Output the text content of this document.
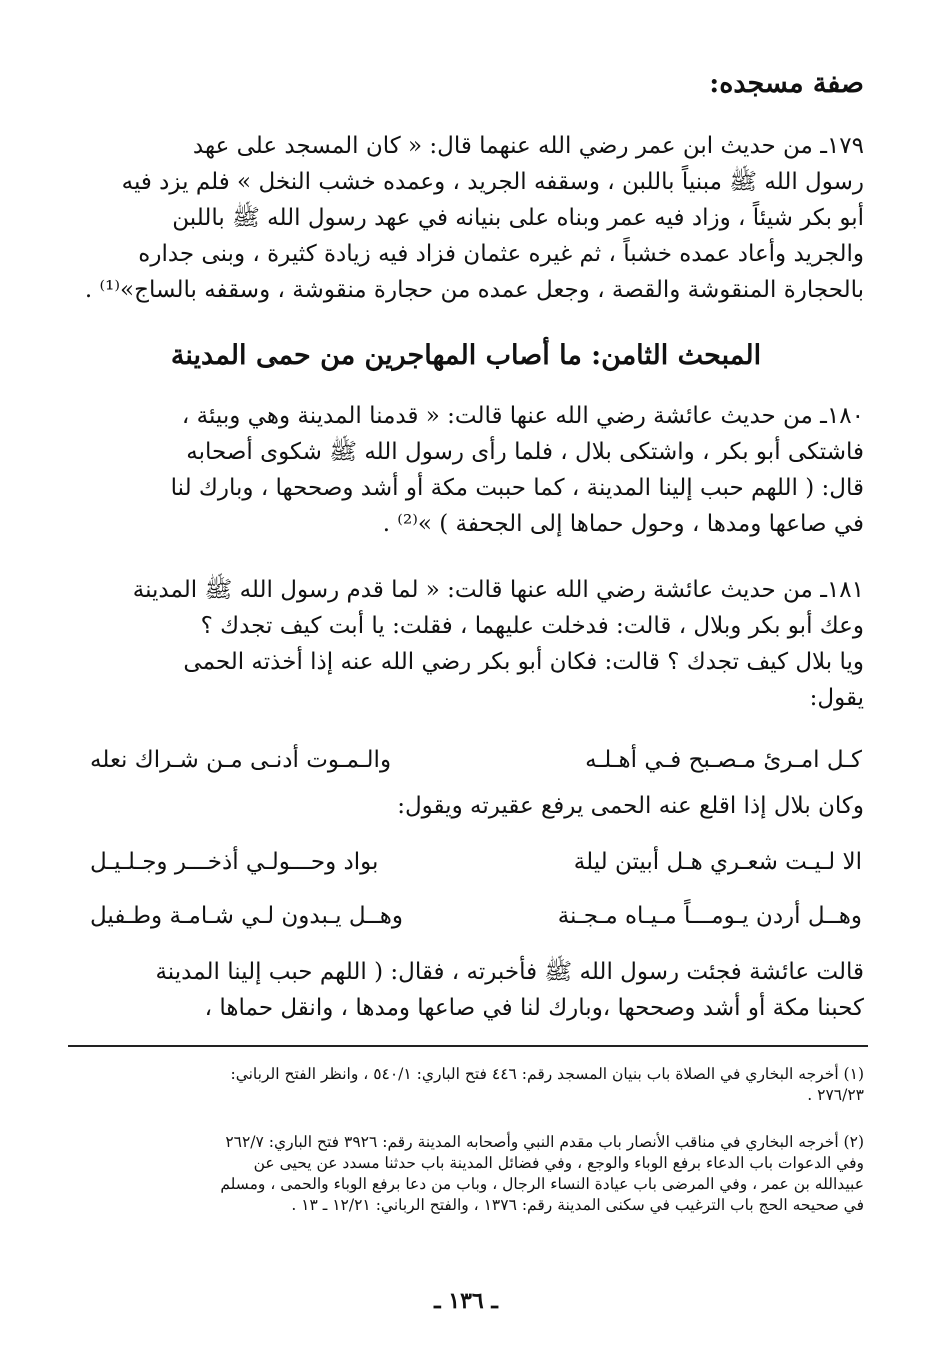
صفة مسجده:

١٧٩ـ من حديث ابن عمر رضي الله عنهما قال: « كان المسجد على عهد

رسول الله ﷺ مبنياً باللبن ، وسقفه الجريد ، وعمده خشب النخل » فلم يزد فيه

أبو بكر شيئاً ، وزاد فيه عمر وبناه على بنيانه في عهد رسول الله ﷺ باللبن

والجريد وأعاد عمده خشباً ، ثم غيره عثمان فزاد فيه زيادة كثيرة ، وبنى جداره

بالحجارة المنقوشة والقصة ، وجعل عمده من حجارة منقوشة ، وسقفه بالساج»⁽¹⁾ .

المبحث الثامن: ما أصاب المهاجرين من حمى المدينة

١٨٠ـ من حديث عائشة رضي الله عنها قالت: « قدمنا المدينة وهي وبيئة ،

فاشتكى أبو بكر ، واشتكى بلال ، فلما رأى رسول الله ﷺ شكوى أصحابه

قال: ( اللهم حبب إلينا المدينة ، كما حببت مكة أو أشد وصححها ، وبارك لنا

في صاعها ومدها ، وحول حماها إلى الجحفة ) »⁽²⁾ .

١٨١ـ من حديث عائشة رضي الله عنها قالت: « لما قدم رسول الله ﷺ المدينة

وعك أبو بكر وبلال ، قالت: فدخلت عليهما ، فقلت: يا أبت كيف تجدك ؟

ويا بلال كيف تجدك ؟ قالت: فكان أبو بكر رضي الله عنه إذا أخذته الحمى

يقول:

كـل امـرئ مـصـبح فـي أهـلـه
والـمـوت أدنـى مـن شـراك نعله
وكان بلال إذا اقلع عنه الحمى يرفع عقيرته ويقول:
الا لـيـت شعـري هـل أبيتن ليلة
بواد وحـــولـي أذخـــر وجـلـيـل
وهــل أردن يـومـــاً مـيـاه مـجـنة
وهــل يـبدون لـي شـامـة وطـفيل

قالت عائشة فجئت رسول الله ﷺ فأخبرته ، فقال: ( اللهم حبب إلينا المدينة

كحبنا مكة أو أشد وصححها ،وبارك لنا في صاعها ومدها ، وانقل حماها ،

(١) أخرجه البخاري في الصلاة باب بنيان المسجد رقم: ٤٤٦ فتح الباري: ٥٤٠/١ ، وانظر الفتح الرباني:

٢٧٦/٢٣ .

(٢) أخرجه البخاري في مناقب الأنصار باب مقدم النبي وأصحابه المدينة رقم: ٣٩٢٦ فتح الباري: ٢٦٢/٧

وفي الدعوات باب الدعاء برفع الوباء والوجع ، وفي فضائل المدينة باب حدثنا مسدد عن يحيى عن

عبيدالله بن عمر ، وفي المرضى باب عيادة النساء الرجال ، وباب من دعا برفع الوباء والحمى ، ومسلم

في صحيحه الحج باب الترغيب في سكنى المدينة رقم: ١٣٧٦ ، والفتح الرباني: ١٢/٢١ ـ ١٣ .

ـ ١٣٦ ـ
